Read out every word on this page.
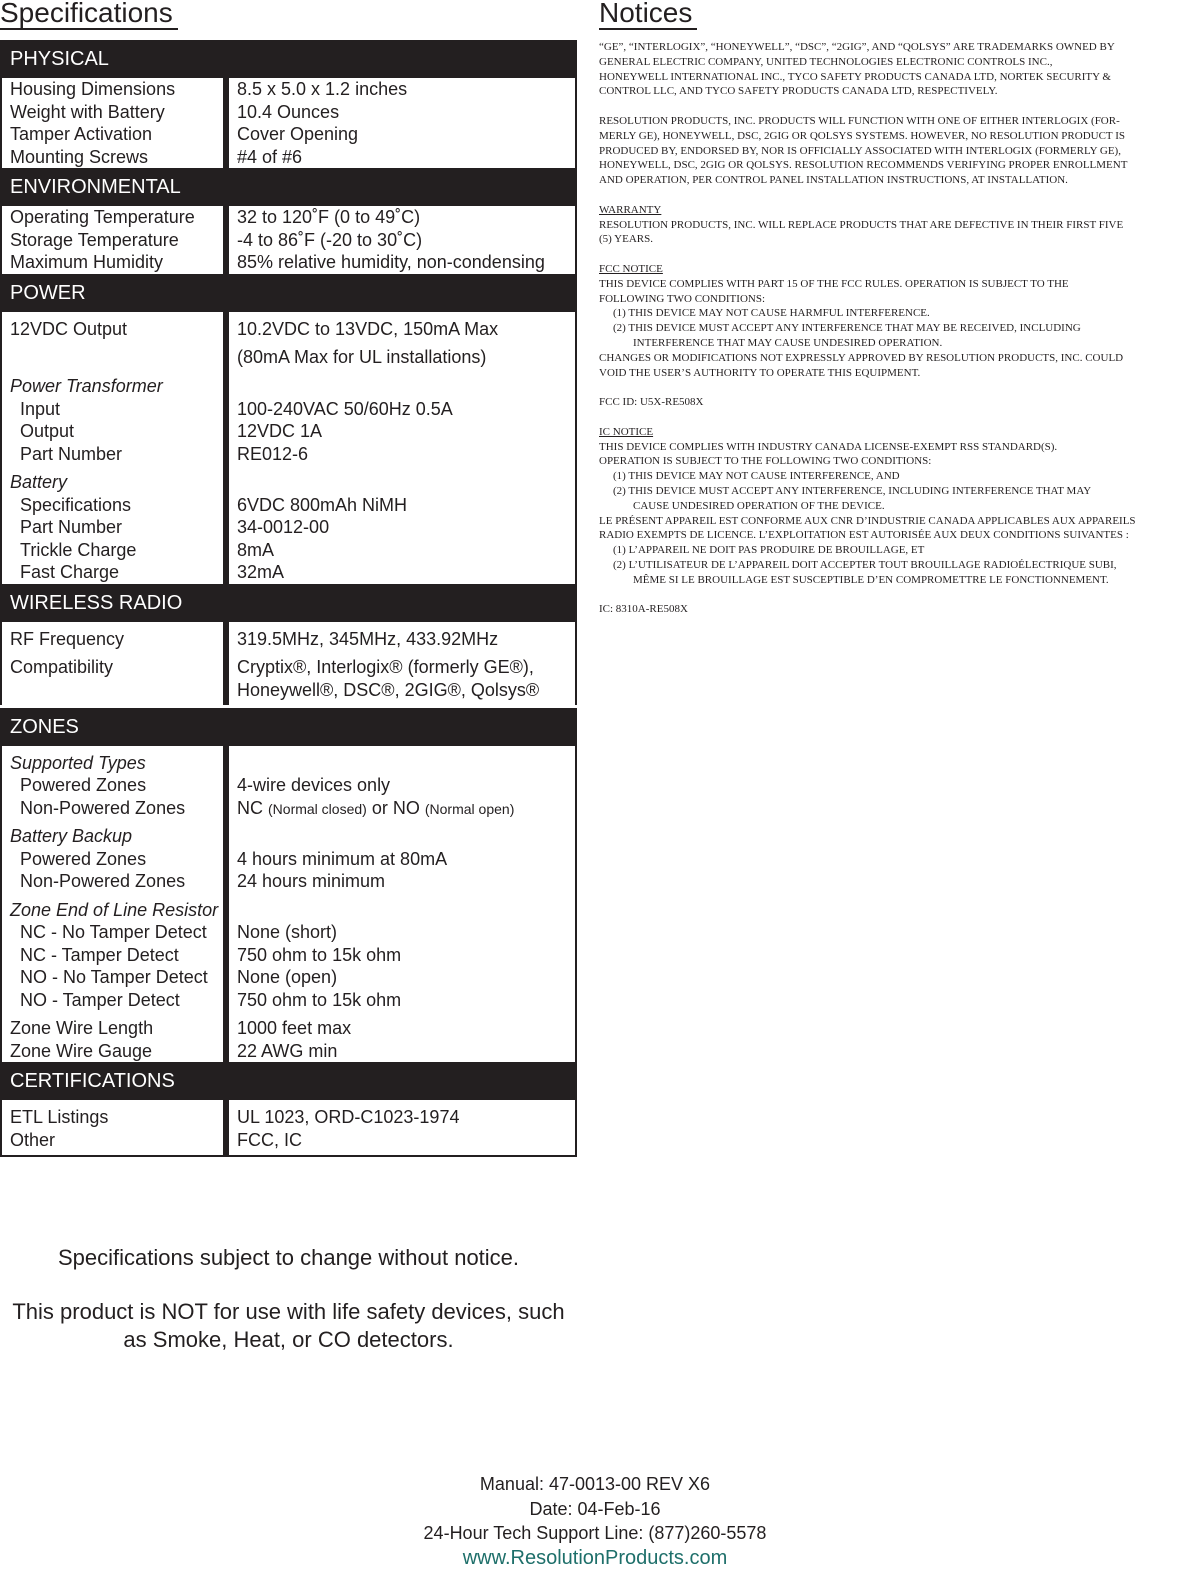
Specifications	Notices
PHYSICAL
Housing Dimensions
Weight with Battery
Tamper Activation
Mounting Screws
8.5 x 5.0 x 1.2 inches
10.4 Ounces
Cover Opening
#4 of #6
ENVIRONMENTAL
Operating Temperature
Storage Temperature
Maximum Humidity
32 to 120˚F (0 to 49˚C)
-4 to 86˚F (-20 to 30˚C)
85% relative humidity, non-condensing
POWER
12VDC Output
Power Transformer
Input
Output
Part Number
Battery
Specifications
Part Number
Trickle Charge
Fast Charge
10.2VDC to 13VDC, 150mA Max
(80mA Max for UL installations)
100-240VAC 50/60Hz 0.5A
12VDC 1A
RE012-6
6VDC 800mAh NiMH
34-0012-00
8mA
32mA
WIRELESS RADIO
RF Frequency
Compatibility
319.5MHz, 345MHz, 433.92MHz
Cryptix®, Interlogix® (formerly GE®),
Honeywell®, DSC®, 2GIG®, Qolsys®
ZONES
Supported Types
Powered Zones
Non-Powered Zones
Battery Backup
Powered Zones
Non-Powered Zones
Zone End of Line Resistor
NC - No Tamper Detect
NC - Tamper Detect
NO - No Tamper Detect
NO - Tamper Detect
Zone Wire Length
Zone Wire Gauge
4-wire devices only
NC (Normal closed) or NO (Normal open)
4 hours minimum at 80mA
24 hours minimum
None (short)
750 ohm to 15k ohm
None (open)
750 ohm to 15k ohm
1000 feet max
22 AWG min
CERTIFICATIONS
ETL Listings
Other
UL 1023, ORD-C1023-1974
FCC, IC
Specifications subject to change without notice.
This product is NOT for use with life safety devices, such
as Smoke, Heat, or CO detectors.
“GE”, “INTERLOGIX”, “HONEYWELL”, “DSC”, “2GIG”, AND “QOLSYS” ARE TRADEMARKS OWNED BY
GENERAL ELECTRIC COMPANY, UNITED TECHNOLOGIES ELECTRONIC CONTROLS INC.,
HONEYWELL INTERNATIONAL INC., TYCO SAFETY PRODUCTS CANADA LTD, NORTEK SECURITY &
CONTROL LLC, AND TYCO SAFETY PRODUCTS CANADA LTD, RESPECTIVELY.
RESOLUTION PRODUCTS, INC. PRODUCTS WILL FUNCTION WITH ONE OF EITHER INTERLOGIX (FOR-
MERLY GE), HONEYWELL, DSC, 2GIG OR QOLSYS SYSTEMS. HOWEVER, NO RESOLUTION PRODUCT IS
PRODUCED BY, ENDORSED BY, NOR IS OFFICIALLY ASSOCIATED WITH INTERLOGIX (FORMERLY GE),
HONEYWELL, DSC, 2GIG OR QOLSYS. RESOLUTION RECOMMENDS VERIFYING PROPER ENROLLMENT
AND OPERATION, PER CONTROL PANEL INSTALLATION INSTRUCTIONS, AT INSTALLATION.
WARRANTY
RESOLUTION PRODUCTS, INC. WILL REPLACE PRODUCTS THAT ARE DEFECTIVE IN THEIR FIRST FIVE
(5) YEARS.
FCC NOTICE
THIS DEVICE COMPLIES WITH PART 15 OF THE FCC RULES. OPERATION IS SUBJECT TO THE
FOLLOWING TWO CONDITIONS:
(1) THIS DEVICE MAY NOT CAUSE HARMFUL INTERFERENCE.
(2) THIS DEVICE MUST ACCEPT ANY INTERFERENCE THAT MAY BE RECEIVED, INCLUDING
INTERFERENCE THAT MAY CAUSE UNDESIRED OPERATION.
CHANGES OR MODIFICATIONS NOT EXPRESSLY APPROVED BY RESOLUTION PRODUCTS, INC. COULD
VOID THE USER’S AUTHORITY TO OPERATE THIS EQUIPMENT.
FCC ID: U5X-RE508X
IC NOTICE
THIS DEVICE COMPLIES WITH INDUSTRY CANADA LICENSE-EXEMPT RSS STANDARD(S).
OPERATION IS SUBJECT TO THE FOLLOWING TWO CONDITIONS:
(1) THIS DEVICE MAY NOT CAUSE INTERFERENCE, AND
(2) THIS DEVICE MUST ACCEPT ANY INTERFERENCE, INCLUDING INTERFERENCE THAT MAY
CAUSE UNDESIRED OPERATION OF THE DEVICE.
LE PRÉSENT APPAREIL EST CONFORME AUX CNR D’INDUSTRIE CANADA APPLICABLES AUX APPAREILS
RADIO EXEMPTS DE LICENCE. L’EXPLOITATION EST AUTORISÉE AUX DEUX CONDITIONS SUIVANTES :
(1) L’APPAREIL NE DOIT PAS PRODUIRE DE BROUILLAGE, ET
(2) L’UTILISATEUR DE L’APPAREIL DOIT ACCEPTER TOUT BROUILLAGE RADIOÉLECTRIQUE SUBI,
MÊME SI LE BROUILLAGE EST SUSCEPTIBLE D’EN COMPROMETTRE LE FONCTIONNEMENT.
IC: 8310A-RE508X
Manual: 47-0013-00 REV X6
Date: 04-Feb-16
24-Hour Tech Support Line: (877)260-5578
www.ResolutionProducts.com
